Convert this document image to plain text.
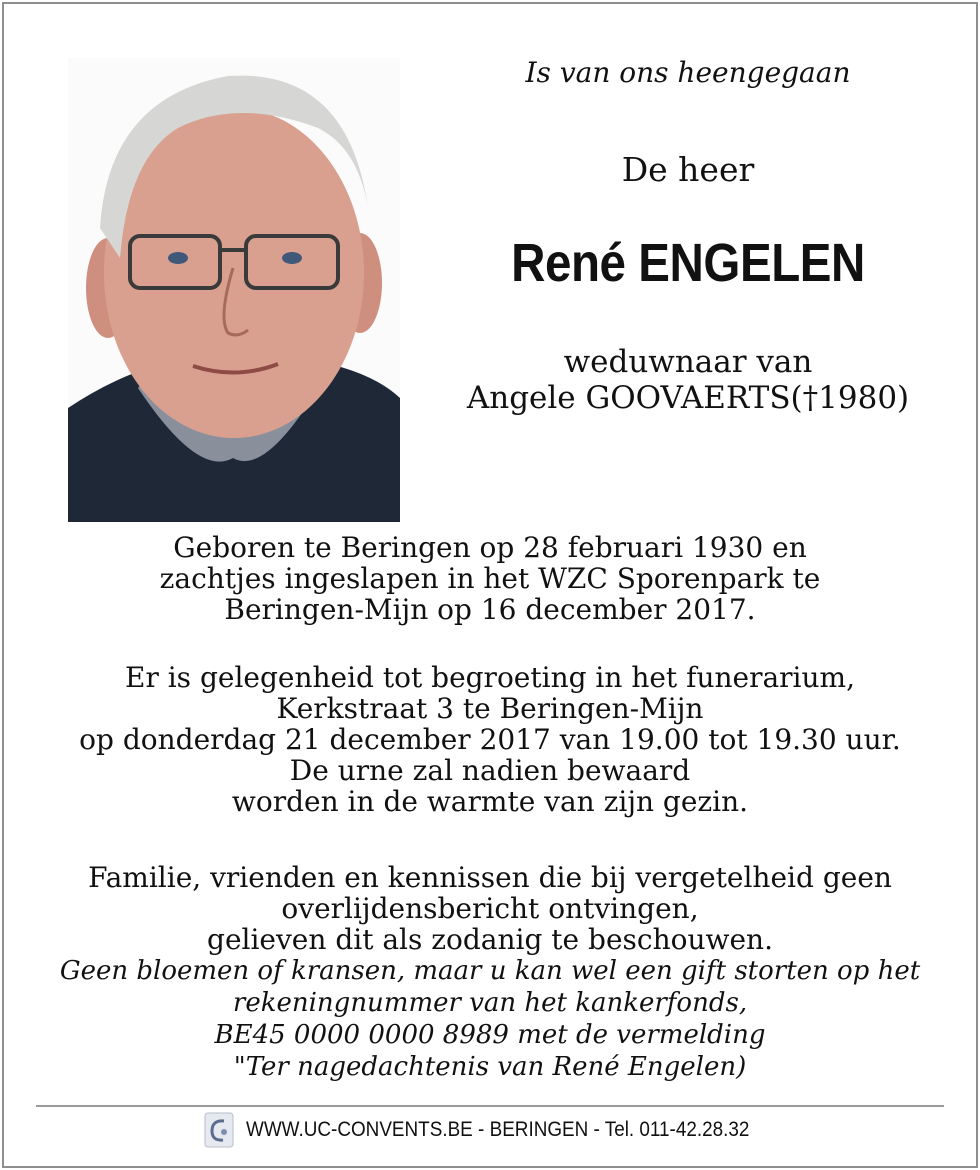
Is van ons heengegaan
De heer
René ENGELEN
weduwnaar van
Angele GOOVAERTS(†1980)
Geboren te Beringen op 28 februari 1930 en
zachtjes ingeslapen in het WZC Sporenpark te
Beringen-Mijn op 16 december 2017.
Er is gelegenheid tot begroeting in het funerarium,
Kerkstraat 3 te Beringen-Mijn
op donderdag 21 december 2017 van 19.00 tot 19.30 uur.
De urne zal nadien bewaard
worden in de warmte van zijn gezin.
Familie, vrienden en kennissen die bij vergetelheid geen
overlijdensbericht ontvingen,
gelieven dit als zodanig te beschouwen.
Geen bloemen of kransen, maar u kan wel een gift storten op het
rekeningnummer van het kankerfonds,
BE45 0000 0000 8989 met de vermelding
"Ter nagedachtenis van René Engelen)
WWW.UC-CONVENTS.BE - BERINGEN - Tel. 011-42.28.32
